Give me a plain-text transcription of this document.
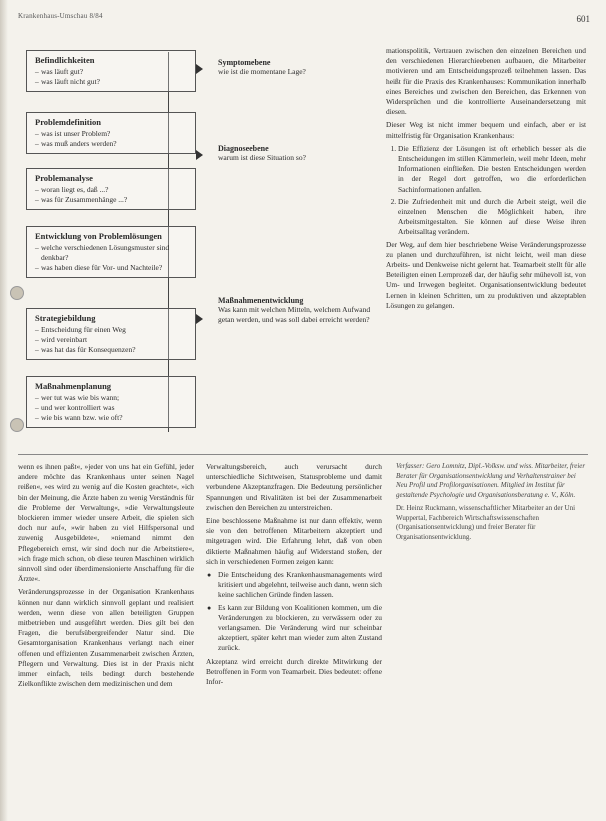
Krankenhaus-Umschau 8/84	601
Befindlichkeiten
– was läuft gut?
– was läuft nicht gut?
Symptomebene
wie ist die momentane Lage?
Problemdefinition
– was ist unser Problem?
– was muß anders werden?
Problemanalyse
– woran liegt es, daß ...?
– was für Zusammenhänge ...?
Diagnoseebene
warum ist diese Situation so?
Entwicklung von Problemlösungen
– welche verschiedenen Lösungsmuster sind denkbar?
– was haben diese für Vor- und Nachteile?
Strategiebildung
– Entscheidung für einen Weg
– wird vereinbart
– was hat das für Konsequenzen?
Maßnahmenentwicklung
Was kann mit welchen Mitteln, welchem Aufwand getan werden, und was soll dabei erreicht werden?
Maßnahmenplanung
– wer tut was wie bis wann;
– und wer kontrolliert was
– wie bis wann bzw. wie oft?

mationspolitik, Vertrauen zwischen den einzelnen Bereichen und den verschiedenen Hierarchieebenen aufbauen, die Mitarbeiter motivieren und am Entscheidungsprozeß teilnehmen lassen. Das heißt für die Praxis des Krankenhauses: Kommunikation innerhalb eines Bereiches und zwischen den Bereichen, das Erkennen von Widersprüchen und die kontrollierte Auseinandersetzung mit diesen.

Dieser Weg ist nicht immer bequem und einfach, aber er ist mittelfristig für Organisation Krankenhaus:

1. Die Effizienz der Lösungen ist oft erheblich besser als die Entscheidungen im stillen Kämmerlein, weil mehr Ideen, mehr Informationen einfließen. Die besten Entscheidungen werden in der Regel dort getroffen, wo die erforderlichen Sachinformationen anfallen.
2. Die Zufriedenheit mit und durch die Arbeit steigt, weil die einzelnen Menschen die Möglichkeit haben, ihre Arbeitsmitgestalten. Sie können auf diese Weise ihren Arbeitsalltag verändern.

Der Weg, auf dem hier beschriebene Weise Veränderungsprozesse zu planen und durchzuführen, ist nicht leicht, weil man diese Arbeits- und Denkweise nicht gelernt hat. Teamarbeit stellt für alle Beteiligten einen Lernprozeß dar, der häufig sehr mühevoll ist, von Um- und Irrwegen begleitet. Organisationsentwicklung bedeutet Lernen in kleinen Schritten, um zu produktiven und akzeptablen Lösungen zu gelangen.

wenn es ihnen paßt«, »jeder von uns hat ein Gefühl, jeder andere möchte das Krankenhaus unter seinen Nagel reißen«, »es wird zu wenig auf die Kosten geachtet«, »ich bin der Meinung, die Ärzte haben zu wenig Verständnis für die Probleme der Verwaltung«, »die Verwaltungsleute blockieren immer wieder unsere Arbeit, die spielen sich doch nur auf«, »wir haben zu viel Hilfspersonal und zuwenig Ausgebildete«, »niemand nimmt den Pflegebereich ernst, wir sind doch nur die Arbeitstiere«, »ich frage mich schon, ob diese teuren Maschinen wirklich sinnvoll sind oder überdimensionierte Anschaffung für die Ärzte«.

Veränderungsprozesse in der Organisation Krankenhaus können nur dann wirklich sinnvoll geplant und realisiert werden, wenn diese von allen beteiligten Gruppen mitbetrieben und ausgeführt werden. Dies gilt bei den Fragen, die berufsübergreifender Natur sind. Die Gesamtorganisation Krankenhaus verlangt nach einer offenen und effizienten Zusammenarbeit zwischen Ärzten, Pflegern und Verwaltung. Dies ist in der Praxis nicht immer einfach, teils bedingt durch bestehende Zielkonflikte zwischen dem medizinischen und dem

Verwaltungsbereich, auch verursacht durch unterschiedliche Sichtweisen, Statusprobleme und damit verbundene Akzeptanzfragen. Die Bedeutung persönlicher Spannungen und Rivalitäten ist bei der Zusammenarbeit zwischen den Bereichen zu unterstreichen.

Eine beschlossene Maßnahme ist nur dann effektiv, wenn sie von den betroffenen Mitarbeitern akzeptiert und mitgetragen wird. Die Erfahrung lehrt, daß von oben diktierte Maßnahmen häufig auf Widerstand stoßen, der sich in verschiedenen Formen zeigen kann:

● Die Entscheidung des Krankenhausmanagements wird kritisiert und abgelehnt, teilweise auch dann, wenn sich keine sachlichen Gründe finden lassen.
● Es kann zur Bildung von Koalitionen kommen, um die Veränderungen zu blockieren, zu verwässern oder zu verlangsamen. Die Veränderung wird nur scheinbar akzeptiert, später kehrt man wieder zum alten Zustand zurück.

Akzeptanz wird erreicht durch direkte Mitwirkung der Betroffenen in Form von Teamarbeit. Dies bedeutet: offene Infor-

Verfasser: Gero Lomnitz, Dipl.-Volksw. und wiss. Mitarbeiter, freier Berater für Organisationsentwicklung und Verhaltenstrainer bei Neu Profil und Profilorganisationen. Mitglied im Institut für gestaltende Psychologie und Organisationsberatung e. V., Köln.
Dr. Heinz Ruckmann, wissenschaftlicher Mitarbeiter an der Uni Wuppertal, Fachbereich Wirtschaftswissenschaften (Organisationsentwicklung) und freier Berater für Organisationsentwicklung.
